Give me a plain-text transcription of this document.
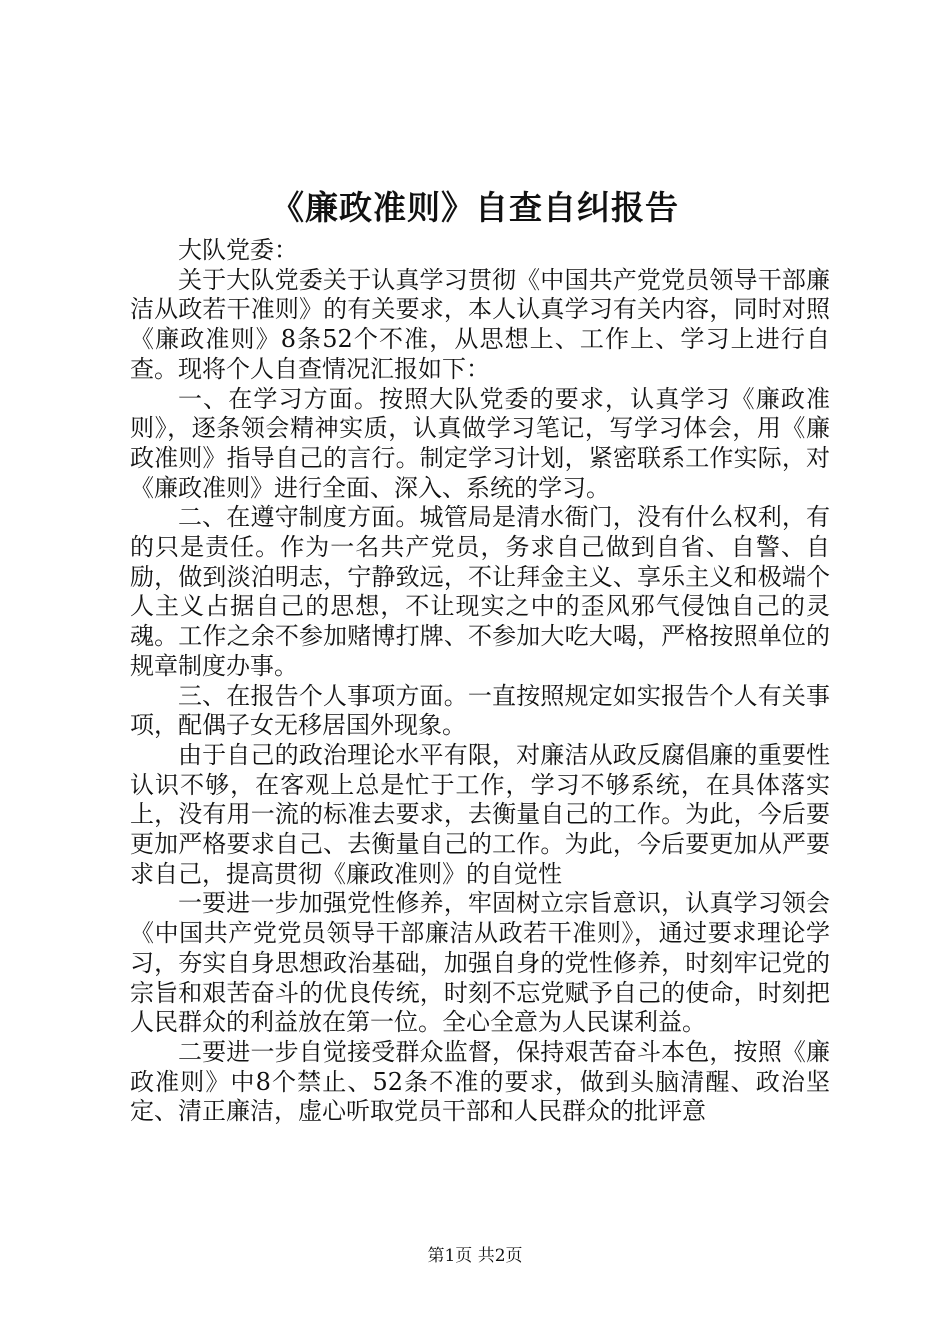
《廉政准则》自查自纠报告

大队党委：

关于大队党委关于认真学习贯彻《中国共产党党员领导干部廉洁从政若干准则》的有关要求，本人认真学习有关内容，同时对照《廉政准则》8条52个不准，从思想上、工作上、学习上进行自查。现将个人自查情况汇报如下：

一、在学习方面。按照大队党委的要求，认真学习《廉政准则》，逐条领会精神实质，认真做学习笔记，写学习体会，用《廉政准则》指导自己的言行。制定学习计划，紧密联系工作实际，对《廉政准则》进行全面、深入、系统的学习。

二、在遵守制度方面。城管局是清水衙门，没有什么权利，有的只是责任。作为一名共产党员，务求自己做到自省、自警、自励，做到淡泊明志，宁静致远，不让拜金主义、享乐主义和极端个人主义占据自己的思想，不让现实之中的歪风邪气侵蚀自己的灵魂。工作之余不参加赌博打牌、不参加大吃大喝，严格按照单位的规章制度办事。

三、在报告个人事项方面。一直按照规定如实报告个人有关事项，配偶子女无移居国外现象。

由于自己的政治理论水平有限，对廉洁从政反腐倡廉的重要性认识不够，在客观上总是忙于工作，学习不够系统，在具体落实上，没有用一流的标准去要求，去衡量自己的工作。为此，今后要更加严格要求自己、去衡量自己的工作。为此，今后要更加从严要求自己，提高贯彻《廉政准则》的自觉性

一要进一步加强党性修养，牢固树立宗旨意识，认真学习领会《中国共产党党员领导干部廉洁从政若干准则》，通过要求理论学习，夯实自身思想政治基础，加强自身的党性修养，时刻牢记党的宗旨和艰苦奋斗的优良传统，时刻不忘党赋予自己的使命，时刻把人民群众的利益放在第一位。全心全意为人民谋利益。

二要进一步自觉接受群众监督，保持艰苦奋斗本色，按照《廉政准则》中8个禁止、52条不准的要求，做到头脑清醒、政治坚定、清正廉洁，虚心听取党员干部和人民群众的批评意

第1页 共2页
